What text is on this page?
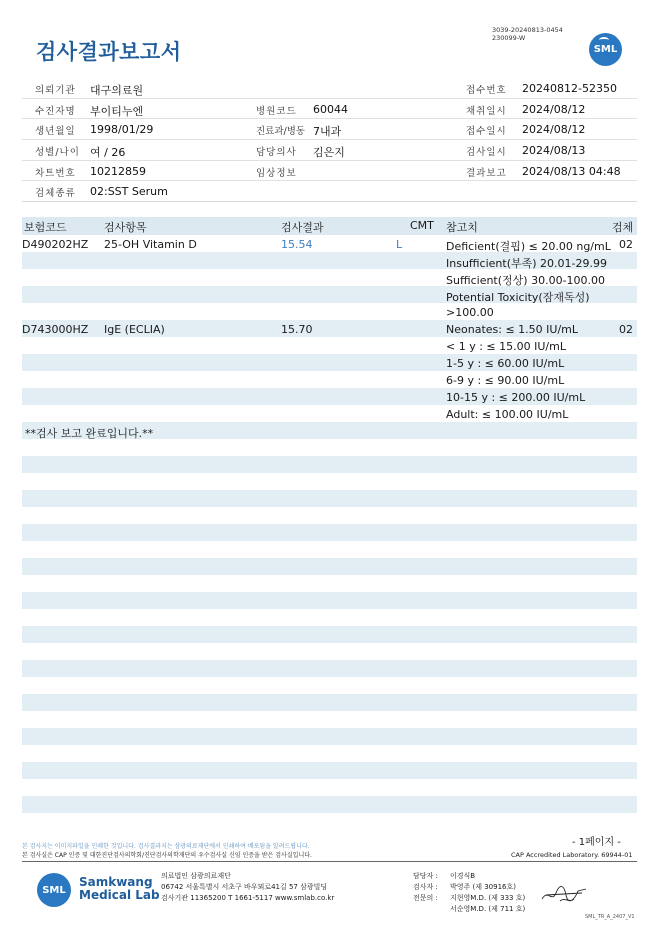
3039-20240813-0454
230099-W
검사결과보고서	SML
의뢰기관 대구의료원	접수번호 20240812-52350
수진자명 부이티누엔	병원코드 60044	채취일시 2024/08/12
생년월일 1998/01/29	진료과/병동 7내과	접수일시 2024/08/12
성별/나이 여 / 26	담당의사 김은지	검사일시 2024/08/13
차트번호 10212859	임상정보	결과보고 2024/08/13 04:48
검체종류 02:SST Serum
보험코드	검사항목	검사결과	CMT 참고치	검체
D490202HZ 25-OH Vitamin D	15.54	L	Deficient(결핍) ≤ 20.00 ng/mL 02
Insufficient(부족) 20.01-29.99
Sufficient(정상) 30.00-100.00
Potential Toxicity(잠재독성)
>100.00
D743000HZ IgE (ECLIA)	15.70	Neonates: ≤ 1.50 IU/mL	02
< 1 y : ≤ 15.00 IU/mL
1-5 y : ≤ 60.00 IU/mL
6-9 y : ≤ 90.00 IU/mL
10-15 y : ≤ 200.00 IU/mL
Adult: ≤ 100.00 IU/mL
**검사 보고 완료입니다.**
본 검사지는 이미지파일을 인쇄한 것입니다. 검사결과지는 삼광의료재단에서 인쇄하여 배포됨을 알려드립니다.
본 검사실은 CAP 인증 및 대한진단검사의학회/진단검사의학재단의 우수검사실 신임 인증을 받은 검사실입니다.
- 1페이지 -
CAP Accredited Laboratory. 69944-01
SML
Samkwang
Medical Lab
의료법인 삼광의료재단
06742 서울특별시 서초구 바우뫼로41길 57 삼광빌딩
검사기관 11365200 T 1661-5117 www.smlab.co.kr
담당자 : 이경식B
검사자 : 박영주 (제 30916호)
전문의 : 지현영M.D. (제 333 호)
서순영M.D. (제 711 호)
SML_TR_A_2407_V1
